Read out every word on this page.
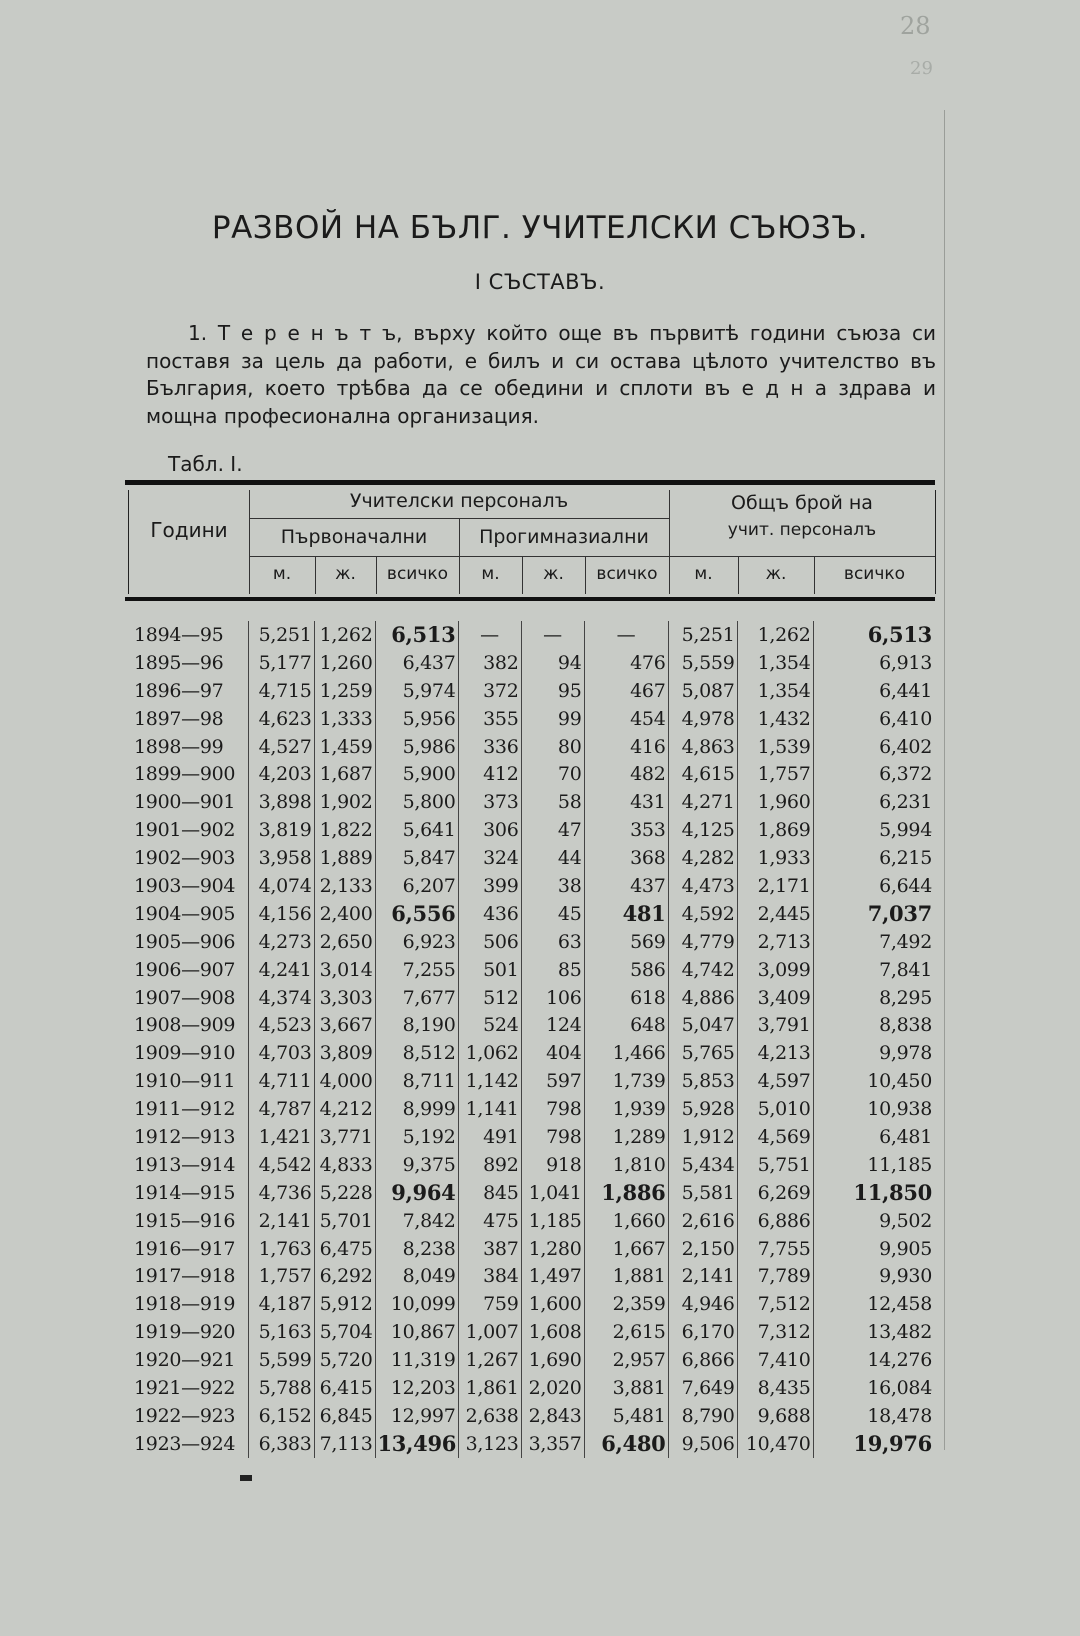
28
29
РАЗВОЙ НА БЪЛГ. УЧИТЕЛСКИ СЪЮЗЪ.
I СЪСТАВЪ.
1. Т е р е н ъ т ъ, върху който още въ първитѣ години съюза си поставя за цель да работи, е билъ и си остава цѣлото учителство въ България, което трѣбва да се обедини и сплоти въ е д н а здрава и мощна професионална организация.
Табл. I.
Години
Учителски персоналъ
Първоначални	Прогимназиални
Общъ брой на
учит. персоналъ
м.	ж.	всичко	м.	ж.	всичко	м.	ж.	всичко
1894—95	5,251	1,262	6,513	—	—	—	5,251	1,262	6,513
1895—96	5,177	1,260	6,437	382	94	476	5,559	1,354	6,913
1896—97	4,715	1,259	5,974	372	95	467	5,087	1,354	6,441
1897—98	4,623	1,333	5,956	355	99	454	4,978	1,432	6,410
1898—99	4,527	1,459	5,986	336	80	416	4,863	1,539	6,402
1899—900	4,203	1,687	5,900	412	70	482	4,615	1,757	6,372
1900—901	3,898	1,902	5,800	373	58	431	4,271	1,960	6,231
1901—902	3,819	1,822	5,641	306	47	353	4,125	1,869	5,994
1902—903	3,958	1,889	5,847	324	44	368	4,282	1,933	6,215
1903—904	4,074	2,133	6,207	399	38	437	4,473	2,171	6,644
1904—905	4,156	2,400	6,556	436	45	481	4,592	2,445	7,037
1905—906	4,273	2,650	6,923	506	63	569	4,779	2,713	7,492
1906—907	4,241	3,014	7,255	501	85	586	4,742	3,099	7,841
1907—908	4,374	3,303	7,677	512	106	618	4,886	3,409	8,295
1908—909	4,523	3,667	8,190	524	124	648	5,047	3,791	8,838
1909—910	4,703	3,809	8,512	1,062	404	1,466	5,765	4,213	9,978
1910—911	4,711	4,000	8,711	1,142	597	1,739	5,853	4,597	10,450
1911—912	4,787	4,212	8,999	1,141	798	1,939	5,928	5,010	10,938
1912—913	1,421	3,771	5,192	491	798	1,289	1,912	4,569	6,481
1913—914	4,542	4,833	9,375	892	918	1,810	5,434	5,751	11,185
1914—915	4,736	5,228	9,964	845	1,041	1,886	5,581	6,269	11,850
1915—916	2,141	5,701	7,842	475	1,185	1,660	2,616	6,886	9,502
1916—917	1,763	6,475	8,238	387	1,280	1,667	2,150	7,755	9,905
1917—918	1,757	6,292	8,049	384	1,497	1,881	2,141	7,789	9,930
1918—919	4,187	5,912	10,099	759	1,600	2,359	4,946	7,512	12,458
1919—920	5,163	5,704	10,867	1,007	1,608	2,615	6,170	7,312	13,482
1920—921	5,599	5,720	11,319	1,267	1,690	2,957	6,866	7,410	14,276
1921—922	5,788	6,415	12,203	1,861	2,020	3,881	7,649	8,435	16,084
1922—923	6,152	6,845	12,997	2,638	2,843	5,481	8,790	9,688	18,478
1923—924	6,383	7,113	13,496	3,123	3,357	6,480	9,506	10,470	19,976
